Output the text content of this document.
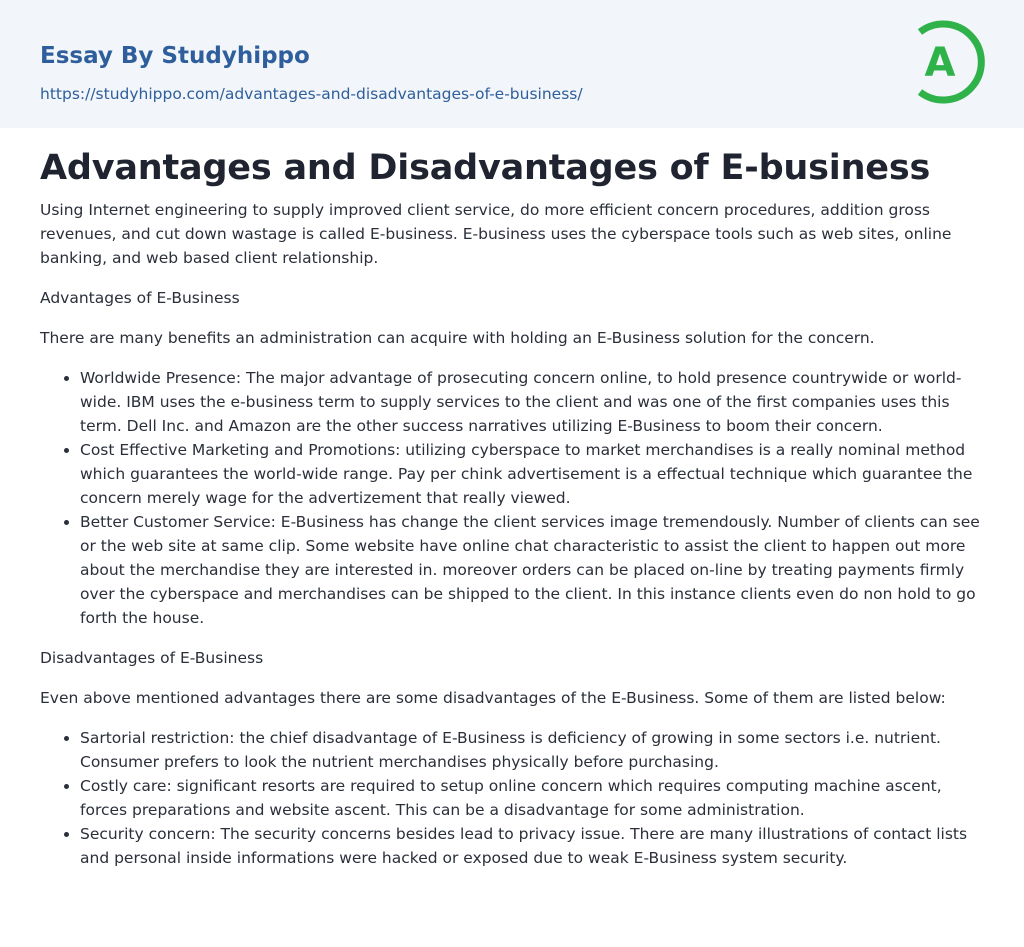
Essay By Studyhippo
https://studyhippo.com/advantages-and-disadvantages-of-e-business/
A
Advantages and Disadvantages of E-business

Using Internet engineering to supply improved client service, do more efficient concern procedures, addition gross revenues, and cut down wastage is called E-business. E-business uses the cyberspace tools such as web sites, online banking, and web based client relationship.

Advantages of E-Business

There are many benefits an administration can acquire with holding an E-Business solution for the concern.

• Worldwide Presence: The major advantage of prosecuting concern online, to hold presence countrywide or world-wide. IBM uses the e-business term to supply services to the client and was one of the first companies uses this term. Dell Inc. and Amazon are the other success narratives utilizing E-Business to boom their concern.
• Cost Effective Marketing and Promotions: utilizing cyberspace to market merchandises is a really nominal method which guarantees the world-wide range. Pay per chink advertisement is a effectual technique which guarantee the concern merely wage for the advertizement that really viewed.
• Better Customer Service: E-Business has change the client services image tremendously. Number of clients can see or the web site at same clip. Some website have online chat characteristic to assist the client to happen out more about the merchandise they are interested in. moreover orders can be placed on-line by treating payments firmly over the cyberspace and merchandises can be shipped to the client. In this instance clients even do non hold to go forth the house.

Disadvantages of E-Business

Even above mentioned advantages there are some disadvantages of the E-Business. Some of them are listed below:

• Sartorial restriction: the chief disadvantage of E-Business is deficiency of growing in some sectors i.e. nutrient. Consumer prefers to look the nutrient merchandises physically before purchasing.
• Costly care: significant resorts are required to setup online concern which requires computing machine ascent, forces preparations and website ascent. This can be a disadvantage for some administration.
• Security concern: The security concerns besides lead to privacy issue. There are many illustrations of contact lists and personal inside informations were hacked or exposed due to weak E-Business system security.
